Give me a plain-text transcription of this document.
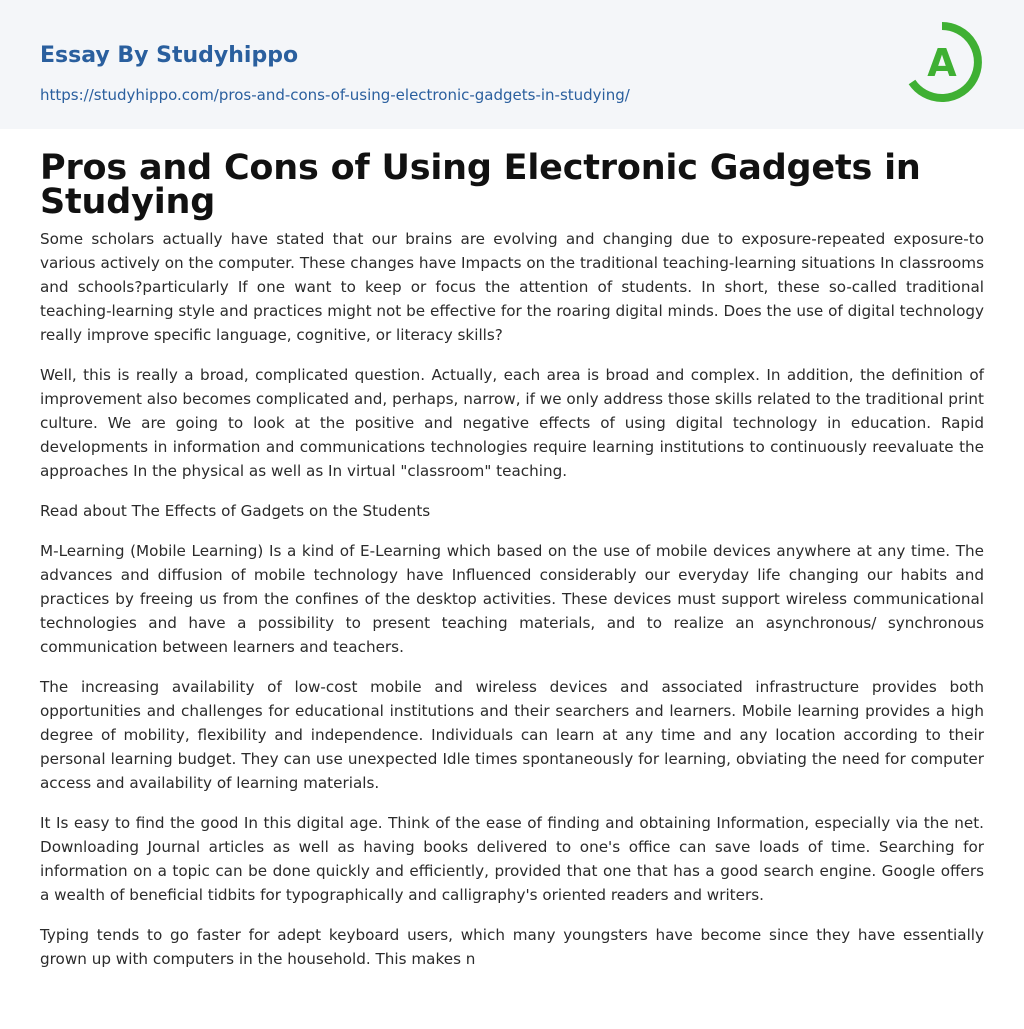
Essay By Studyhippo
https://studyhippo.com/pros-and-cons-of-using-electronic-gadgets-in-studying/
A
Pros and Cons of Using Electronic Gadgets in Studying

Some scholars actually have stated that our brains are evolving and changing due to exposure-repeated exposure-to various actively on the computer. These changes have Impacts on the traditional teaching-learning situations In classrooms and schools?particularly If one want to keep or focus the attention of students. In short, these so-called traditional teaching-learning style and practices might not be effective for the roaring digital minds. Does the use of digital technology really improve specific language, cognitive, or literacy skills?

Well, this is really a broad, complicated question. Actually, each area is broad and complex. In addition, the definition of improvement also becomes complicated and, perhaps, narrow, if we only address those skills related to the traditional print culture. We are going to look at the positive and negative effects of using digital technology in education. Rapid developments in information and communications technologies require learning institutions to continuously reevaluate the approaches In the physical as well as In virtual "classroom" teaching.

Read about The Effects of Gadgets on the Students

M-Learning (Mobile Learning) Is a kind of E-Learning which based on the use of mobile devices anywhere at any time. The advances and diffusion of mobile technology have Influenced considerably our everyday life changing our habits and practices by freeing us from the confines of the desktop activities. These devices must support wireless communicational technologies and have a possibility to present teaching materials, and to realize an asynchronous/ synchronous communication between learners and teachers.

The increasing availability of low-cost mobile and wireless devices and associated infrastructure provides both opportunities and challenges for educational institutions and their searchers and learners. Mobile learning provides a high degree of mobility, flexibility and independence. Individuals can learn at any time and any location according to their personal learning budget. They can use unexpected Idle times spontaneously for learning, obviating the need for computer access and availability of learning materials.

It Is easy to find the good In this digital age. Think of the ease of finding and obtaining Information, especially via the net. Downloading Journal articles as well as having books delivered to one's office can save loads of time. Searching for information on a topic can be done quickly and efficiently, provided that one that has a good search engine. Google offers a wealth of beneficial tidbits for typographically and calligraphy's oriented readers and writers.

Typing tends to go faster for adept keyboard users, which many youngsters have become since they have essentially grown up with computers in the household. This makes n
